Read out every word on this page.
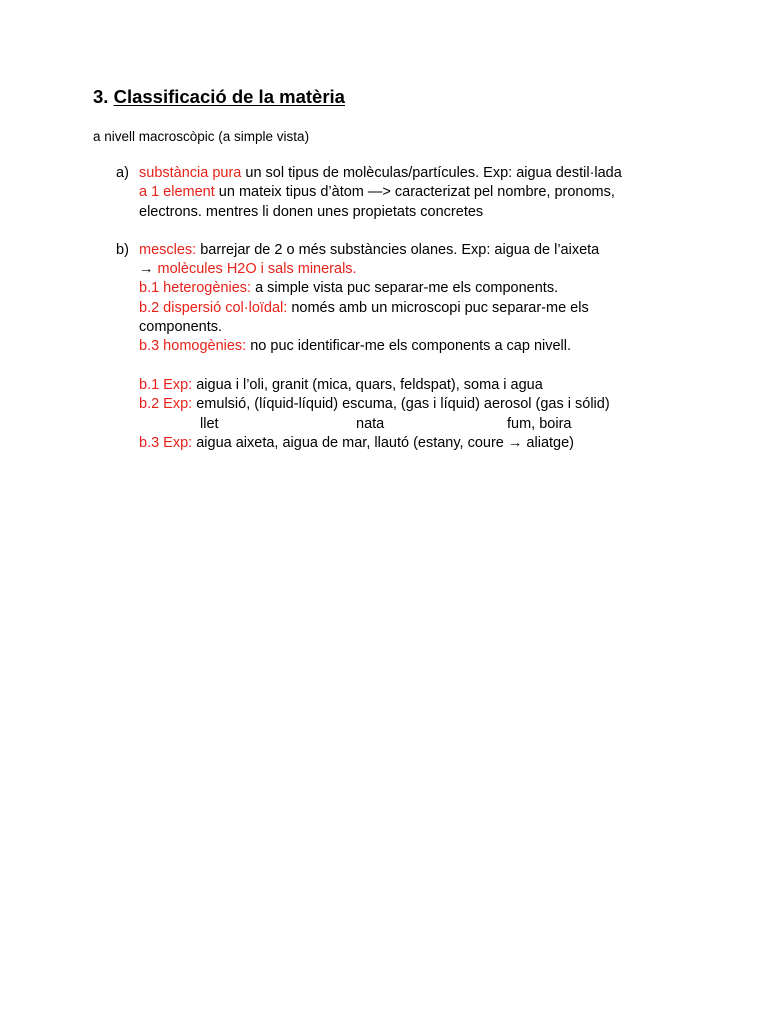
3. Classificació de la matèria
a nivell macroscòpic (a simple vista)
a) substància pura un sol tipus de molèculas/partícules. Exp: aigua destil·lada
a 1 element un mateix tipus d’àtom —> caracterizat pel nombre, pronoms,
electrons. mentres li donen unes propietats concretes
b) mescles: barrejar de 2 o més substàncies olanes. Exp: aigua de l’aixeta
→ molècules H2O i sals minerals.
b.1 heterogènies: a simple vista puc separar-me els components.
b.2 dispersió col·loïdal: només amb un microscopi puc separar-me els
components.
b.3 homogènies: no puc identificar-me els components a cap nivell.
b.1 Exp: aigua i l’oli, granit (mica, quars, feldspat), soma i agua
b.2 Exp: emulsió, (líquid-líquid) escuma, (gas i líquid) aerosol (gas i sólid)
llet	nata	fum, boira
b.3 Exp: aigua aixeta, aigua de mar, llautó (estany, coure → aliatge)
